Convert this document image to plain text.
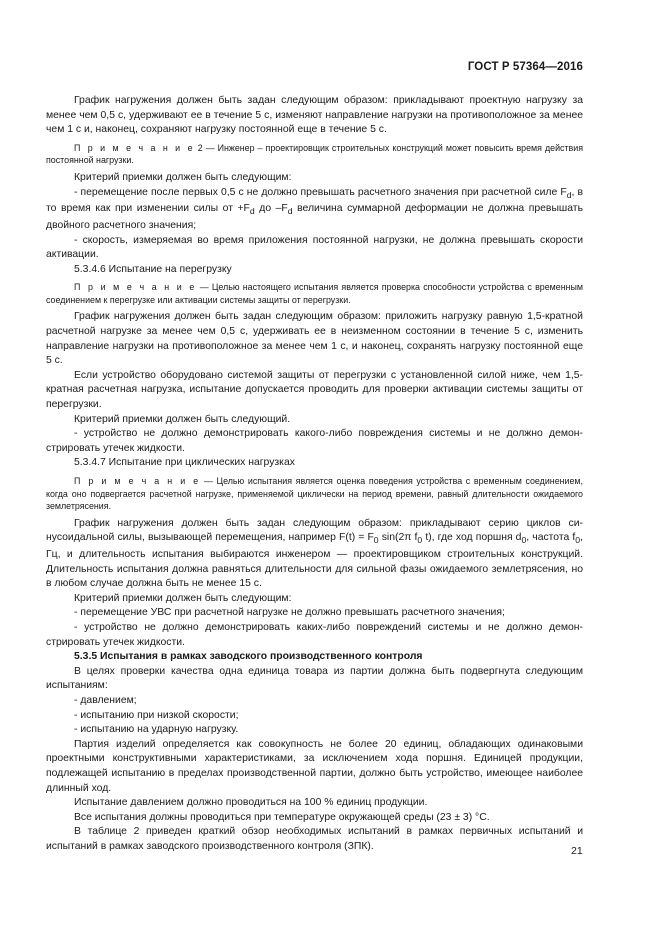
ГОСТ Р 57364—2016

График нагружения должен быть задан следующим образом: прикладывают проектную нагрузку за менее чем 0,5 с, удерживают ее в течение 5 с, изменяют направление нагрузки на противоположное за менее чем 1 с и, наконец, сохраняют нагрузку постоянной еще в течение 5 с.

П р и м е ч а н и е 2 — Инженер – проектировщик строительных конструкций может повысить время действия постоянной нагрузки.

Критерий приемки должен быть следующим:

- перемещение после первых 0,5 с не должно превышать расчетного значения при расчетной силе $F_d$, в то время как при изменении силы от $+F_d$ до $-F_d$ величина суммарной деформации не должна превышать двойного расчетного значения;

- скорость, измеряемая во время приложения постоянной нагрузки, не должна превышать скорости активации.

5.3.4.6 Испытание на перегрузку

П р и м е ч а н и е — Целью настоящего испытания является проверка способности устройства с временным соединением к перегрузке или активации системы защиты от перегрузки.

График нагружения должен быть задан следующим образом: приложить нагрузку равную 1,5-кратной расчетной нагрузке за менее чем 0,5 с, удерживать ее в неизменном состоянии в течение 5 с, изменить направление нагрузки на противоположное за менее чем 1 с, и наконец, сохранять нагрузку постоянной еще 5 с.

Если устройство оборудовано системой защиты от перегрузки с установленной силой ниже, чем 1,5-кратная расчетная нагрузка, испытание допускается проводить для проверки активации системы защиты от перегрузки.

Критерий приемки должен быть следующий.

- устройство не должно демонстрировать какого-либо повреждения системы и не должно демонстрировать утечек жидкости.

5.3.4.7 Испытание при циклических нагрузках

П р и м е ч а н и е — Целью испытания является оценка поведения устройства с временным соединением, когда оно подвергается расчетной нагрузке, применяемой циклически на период времени, равный длительности ожидаемого землетрясения.

График нагружения должен быть задан следующим образом: прикладывают серию циклов синусоидальной силы, вызывающей перемещения, например $F(t) = F_0$ sin(2π $f_0$ t), где ход поршня $d_0$, частота $f_0$, Гц, и длительность испытания выбираются инженером — проектировщиком строительных конструкций. Длительность испытания должна равняться длительности для сильной фазы ожидаемого землетрясения, но в любом случае должна быть не менее 15 с.

Критерий приемки должен быть следующим:

- перемещение УВС при расчетной нагрузке не должно превышать расчетного значения;

- устройство не должно демонстрировать каких-либо повреждений системы и не должно демонстрировать утечек жидкости.

5.3.5 Испытания в рамках заводского производственного контроля

В целях проверки качества одна единица товара из партии должна быть подвергнута следующим испытаниям:

- давлением;

- испытанию при низкой скорости;

- испытанию на ударную нагрузку.

Партия изделий определяется как совокупность не более 20 единиц, обладающих одинаковыми проектными конструктивными характеристиками, за исключением хода поршня. Единицей продукции, подлежащей испытанию в пределах производственной партии, должно быть устройство, имеющее наиболее длинный ход.

Испытание давлением должно проводиться на 100 % единиц продукции.

Все испытания должны проводиться при температуре окружающей среды (23 ± 3) °С.

В таблице 2 приведен краткий обзор необходимых испытаний в рамках первичных испытаний и испытаний в рамках заводского производственного контроля (ЗПК).	21
